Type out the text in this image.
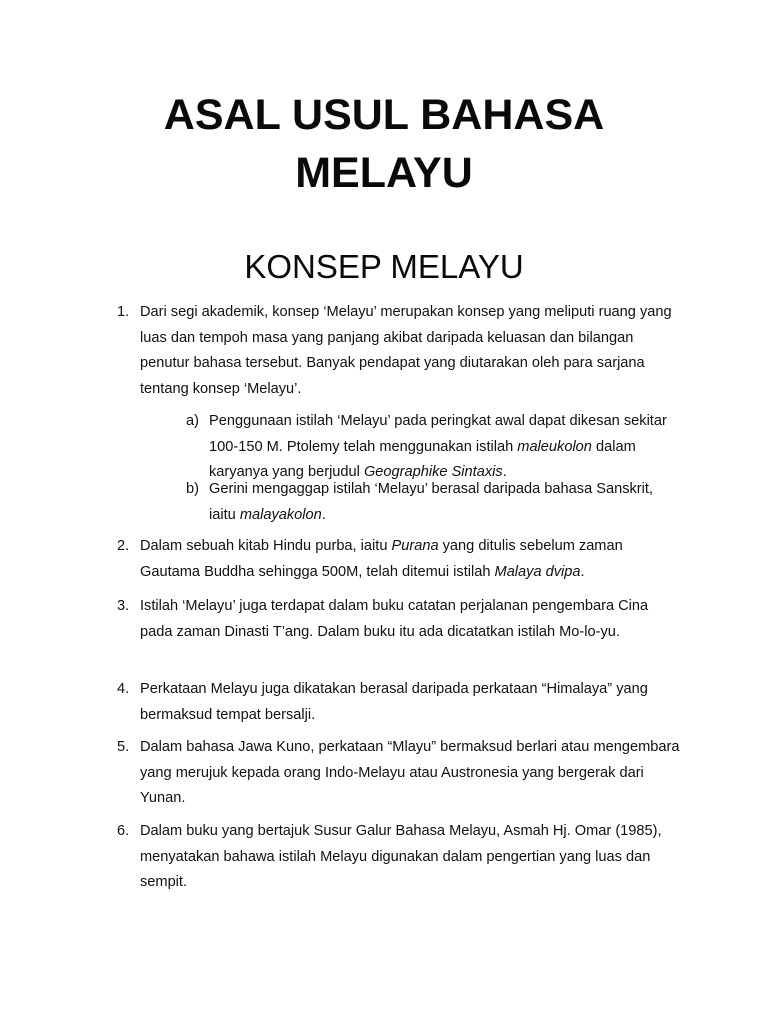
ASAL USUL BAHASA
MELAYU
KONSEP MELAYU
1. Dari segi akademik, konsep ‘Melayu’ merupakan konsep yang meliputi ruang yang luas dan tempoh masa yang panjang akibat daripada keluasan dan bilangan penutur bahasa tersebut. Banyak pendapat yang diutarakan oleh para sarjana tentang konsep ‘Melayu’.
a) Penggunaan istilah ‘Melayu’ pada peringkat awal dapat dikesan sekitar 100-150 M. Ptolemy telah menggunakan istilah maleukolon dalam karyanya yang berjudul Geographike Sintaxis.
b) Gerini mengaggap istilah ‘Melayu’ berasal daripada bahasa Sanskrit, iaitu malayakolon.
2. Dalam sebuah kitab Hindu purba, iaitu Purana yang ditulis sebelum zaman Gautama Buddha sehingga 500M, telah ditemui istilah Malaya dvipa.
3. Istilah ‘Melayu’ juga terdapat dalam buku catatan perjalanan pengembara Cina pada zaman Dinasti T’ang. Dalam buku itu ada dicatatkan istilah Mo-lo-yu.
4. Perkataan Melayu juga dikatakan berasal daripada perkataan “Himalaya” yang bermaksud tempat bersalji.
5. Dalam bahasa Jawa Kuno, perkataan “Mlayu” bermaksud berlari atau mengembara yang merujuk kepada orang Indo-Melayu atau Austronesia yang bergerak dari Yunan.
6. Dalam buku yang bertajuk Susur Galur Bahasa Melayu, Asmah Hj. Omar (1985), menyatakan bahawa istilah Melayu digunakan dalam pengertian yang luas dan sempit.
